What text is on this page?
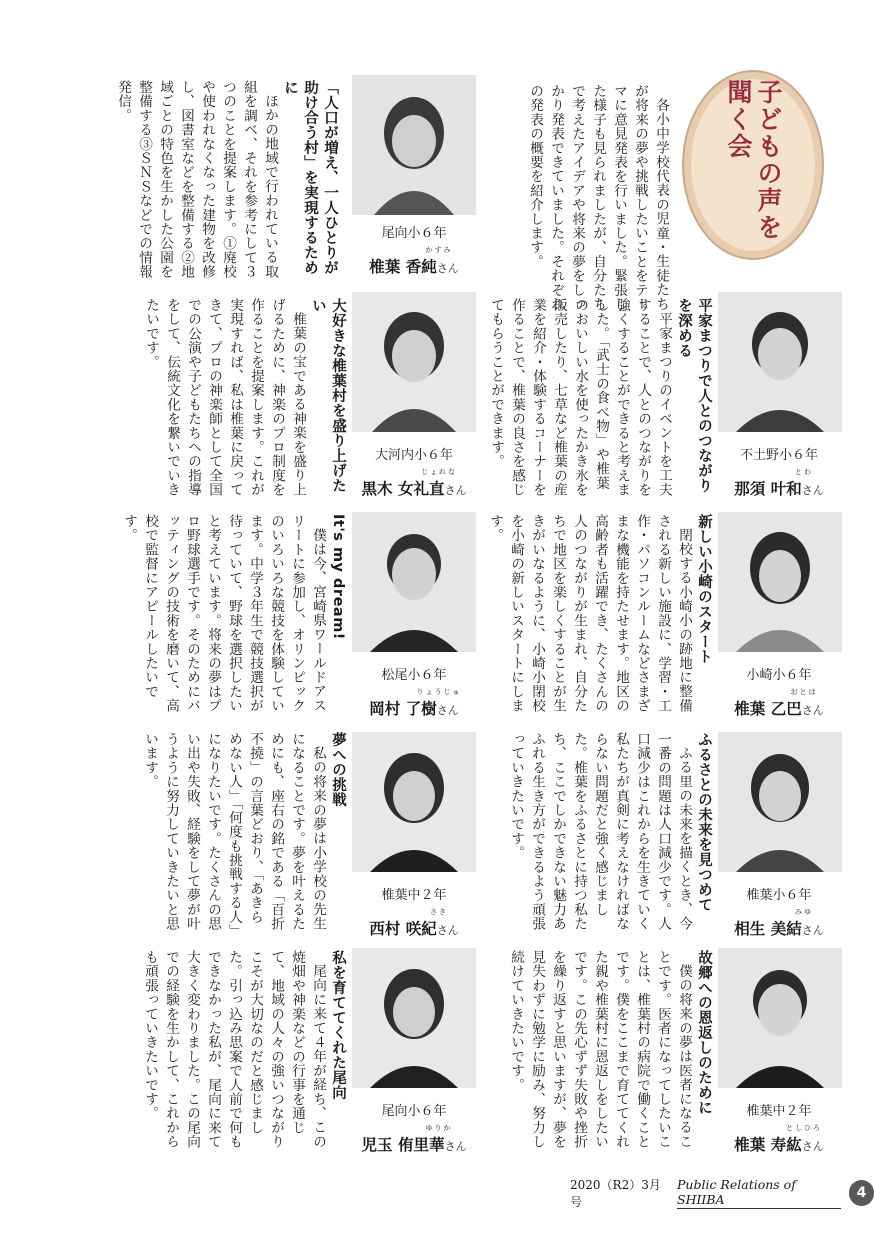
子どもの声を聞く会

各小中学校代表の児童・生徒たちが将来の夢や挑戦したいことをテーマに意見発表を行いました。緊張した様子も見られましたが、自分たちで考えたアイデアや将来の夢をしっかり発表できていました。それぞれの発表の概要を紹介します。

尾向小６年
かすみ
椎葉 香純さん
「人口が増え、一人ひとりが助け合う村」を実現するために

ほかの地域で行われている取組を調べ、それを参考にして３つのことを提案します。①廃校や使われなくなった建物を改修し、図書室などを整備する②地域ごとの特色を生かした公園を整備する③ＳＮＳなどでの情報発信。

不土野小６年
とわ
那須 叶和さん
平家まつりで人とのつながりを深める

平家まつりのイベントを工夫することで、人とのつながりを強くすることができると考えました。「武士の食べ物」や椎葉のおいしい水を使ったかき氷を販売したり、七草など椎葉の産業を紹介・体験するコーナーを作ることで、椎葉の良さを感じてもらうことができます。

大河内小６年
じょれな
黒木 女礼直さん
大好きな椎葉村を盛り上げたい

椎葉の宝である神楽を盛り上げるために、神楽のプロ制度を作ることを提案します。これが実現すれば、私は椎葉に戻ってきて、プロの神楽師として全国での公演や子どもたちへの指導をして、伝統文化を繋いでいきたいです。

小崎小６年
おとは
椎葉 乙巴さん
新しい小崎のスタート

閉校する小崎小の跡地に整備される新しい施設に、学習・工作・パソコンルームなどさまざまな機能を持たせます。地区の高齢者も活躍でき、たくさんの人のつながりが生まれ、自分たちで地区を楽しくすることが生きがいなるように、小崎小閉校を小崎の新しいスタートにします。

松尾小６年
りょうじゅ
岡村 了樹さん
It's my dream!

僕は今、宮崎県ワールドアスリートに参加し、オリンピックのいろいろな競技を体験しています。中学３年生で競技選択が待っていて、野球を選択したいと考えています。将来の夢はプロ野球選手です。そのためにバッティングの技術を磨いて、高校で監督にアピールしたいです。

椎葉小６年
みゆ
相生 美結さん
ふるさとの未来を見つめて

ふる里の未来を描くとき、今一番の問題は人口減少です。人口減少はこれからを生きていく私たちが真剣に考えなければならない問題だと強く感じました。椎葉をふるさとに持つ私たち、ここでしかできない魅力あふれる生き方ができるよう頑張っていきたいです。

椎葉中２年
さき
西村 咲紀さん
夢への挑戦

私の将来の夢は小学校の先生になることです。夢を叶えるためにも、座右の銘である「百折不撓」の言葉どおり、「あきらめない人」「何度も挑戦する人」になりたいです。たくさんの思い出や失敗、経験をして夢が叶うように努力していきたいと思います。

椎葉中２年
としひろ
椎葉 寿紘さん
故郷への恩返しのために

僕の将来の夢は医者になることです。医者になってしたいことは、椎葉村の病院で働くことです。僕をここまで育ててくれた親や椎葉村に恩返しをしたいです。この先心ずず失敗や挫折を繰り返すと思いますが、夢を見失わずに勉学に励み、努力し続けていきたいです。

尾向小６年
ゆりか
児玉 侑里華さん
私を育ててくれた尾向

尾向に来て４年が経ち、この焼畑や神楽などの行事を通じて、地域の人々の強いつながりこそが大切なのだと感じました。引っ込み思案で人前で何もできなかった私が、尾向に来て大きく変わりました。この尾向での経験を生かして、これからも頑張っていきたいです。

2020（R2）3月号
Public Relations of SHIIBA	4
